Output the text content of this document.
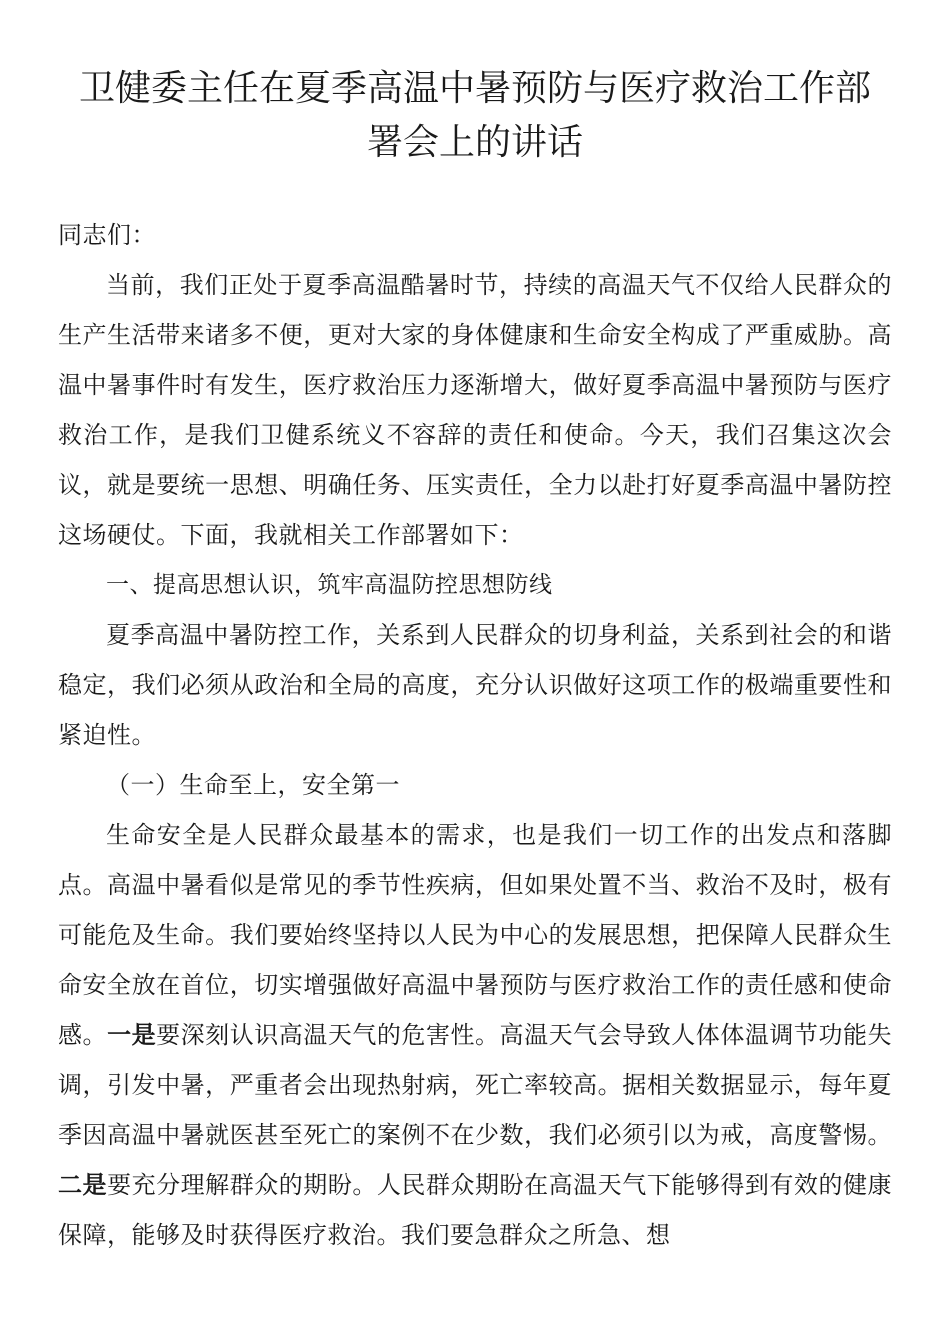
卫健委主任在夏季高温中暑预防与医疗救治工作部署会上的讲话

同志们：

当前，我们正处于夏季高温酷暑时节，持续的高温天气不仅给人民群众的生产生活带来诸多不便，更对大家的身体健康和生命安全构成了严重威胁。高温中暑事件时有发生，医疗救治压力逐渐增大，做好夏季高温中暑预防与医疗救治工作，是我们卫健系统义不容辞的责任和使命。今天，我们召集这次会议，就是要统一思想、明确任务、压实责任，全力以赴打好夏季高温中暑防控这场硬仗。下面，我就相关工作部署如下：

一、提高思想认识，筑牢高温防控思想防线

夏季高温中暑防控工作，关系到人民群众的切身利益，关系到社会的和谐稳定，我们必须从政治和全局的高度，充分认识做好这项工作的极端重要性和紧迫性。

（一）生命至上，安全第一

生命安全是人民群众最基本的需求，也是我们一切工作的出发点和落脚点。高温中暑看似是常见的季节性疾病，但如果处置不当、救治不及时，极有可能危及生命。我们要始终坚持以人民为中心的发展思想，把保障人民群众生命安全放在首位，切实增强做好高温中暑预防与医疗救治工作的责任感和使命感。一是要深刻认识高温天气的危害性。高温天气会导致人体体温调节功能失调，引发中暑，严重者会出现热射病，死亡率较高。据相关数据显示，每年夏季因高温中暑就医甚至死亡的案例不在少数，我们必须引以为戒，高度警惕。二是要充分理解群众的期盼。人民群众期盼在高温天气下能够得到有效的健康保障，能够及时获得医疗救治。我们要急群众之所急、想
